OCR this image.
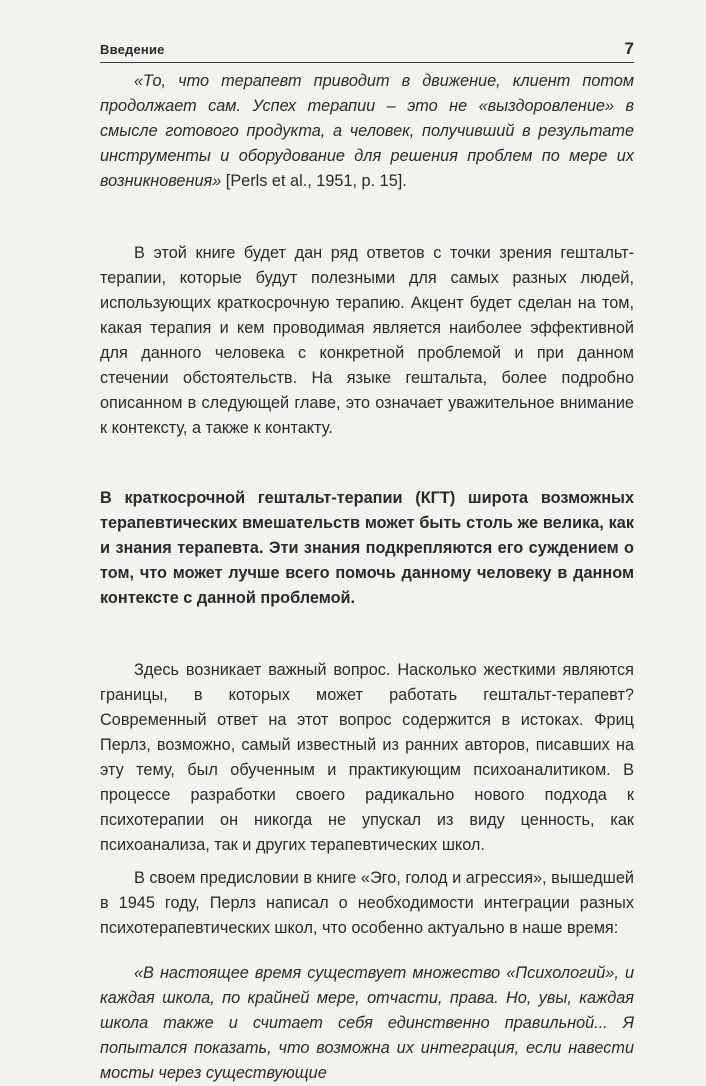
Введение	7

«То, что терапевт приводит в движение, клиент потом продолжает сам. Успех терапии – это не «выздоровление» в смысле готового продукта, а человек, получивший в результате инструменты и оборудование для решения проблем по мере их возникновения» [Perls et al., 1951, p. 15].

В этой книге будет дан ряд ответов с точки зрения гештальт-терапии, которые будут полезными для самых разных людей, использующих краткосрочную терапию. Акцент будет сделан на том, какая терапия и кем проводимая является наиболее эффективной для данного человека с конкретной проблемой и при данном стечении обстоятельств. На языке гештальта, более подробно описанном в следующей главе, это означает уважительное внимание к контексту, а также к контакту.

В краткосрочной гештальт-терапии (КГТ) широта возможных терапевтических вмешательств может быть столь же велика, как и знания терапевта. Эти знания подкрепляются его суждением о том, что может лучше всего помочь данному человеку в данном контексте с данной проблемой.

Здесь возникает важный вопрос. Насколько жесткими являются границы, в которых может работать гештальт-терапевт? Современный ответ на этот вопрос содержится в истоках. Фриц Перлз, возможно, самый известный из ранних авторов, писавших на эту тему, был обученным и практикующим психоаналитиком. В процессе разработки своего радикально нового подхода к психотерапии он никогда не упускал из виду ценность, как психоанализа, так и других терапевтических школ.

В своем предисловии в книге «Эго, голод и агрессия», вышедшей в 1945 году, Перлз написал о необходимости интеграции разных психотерапевтических школ, что особенно актуально в наше время:

«В настоящее время существует множество «Психологий», и каждая школа, по крайней мере, отчасти, права. Но, увы, каждая школа также и считает себя единственно правильной... Я попытался показать, что возможна их интеграция, если навести мосты через существующие
